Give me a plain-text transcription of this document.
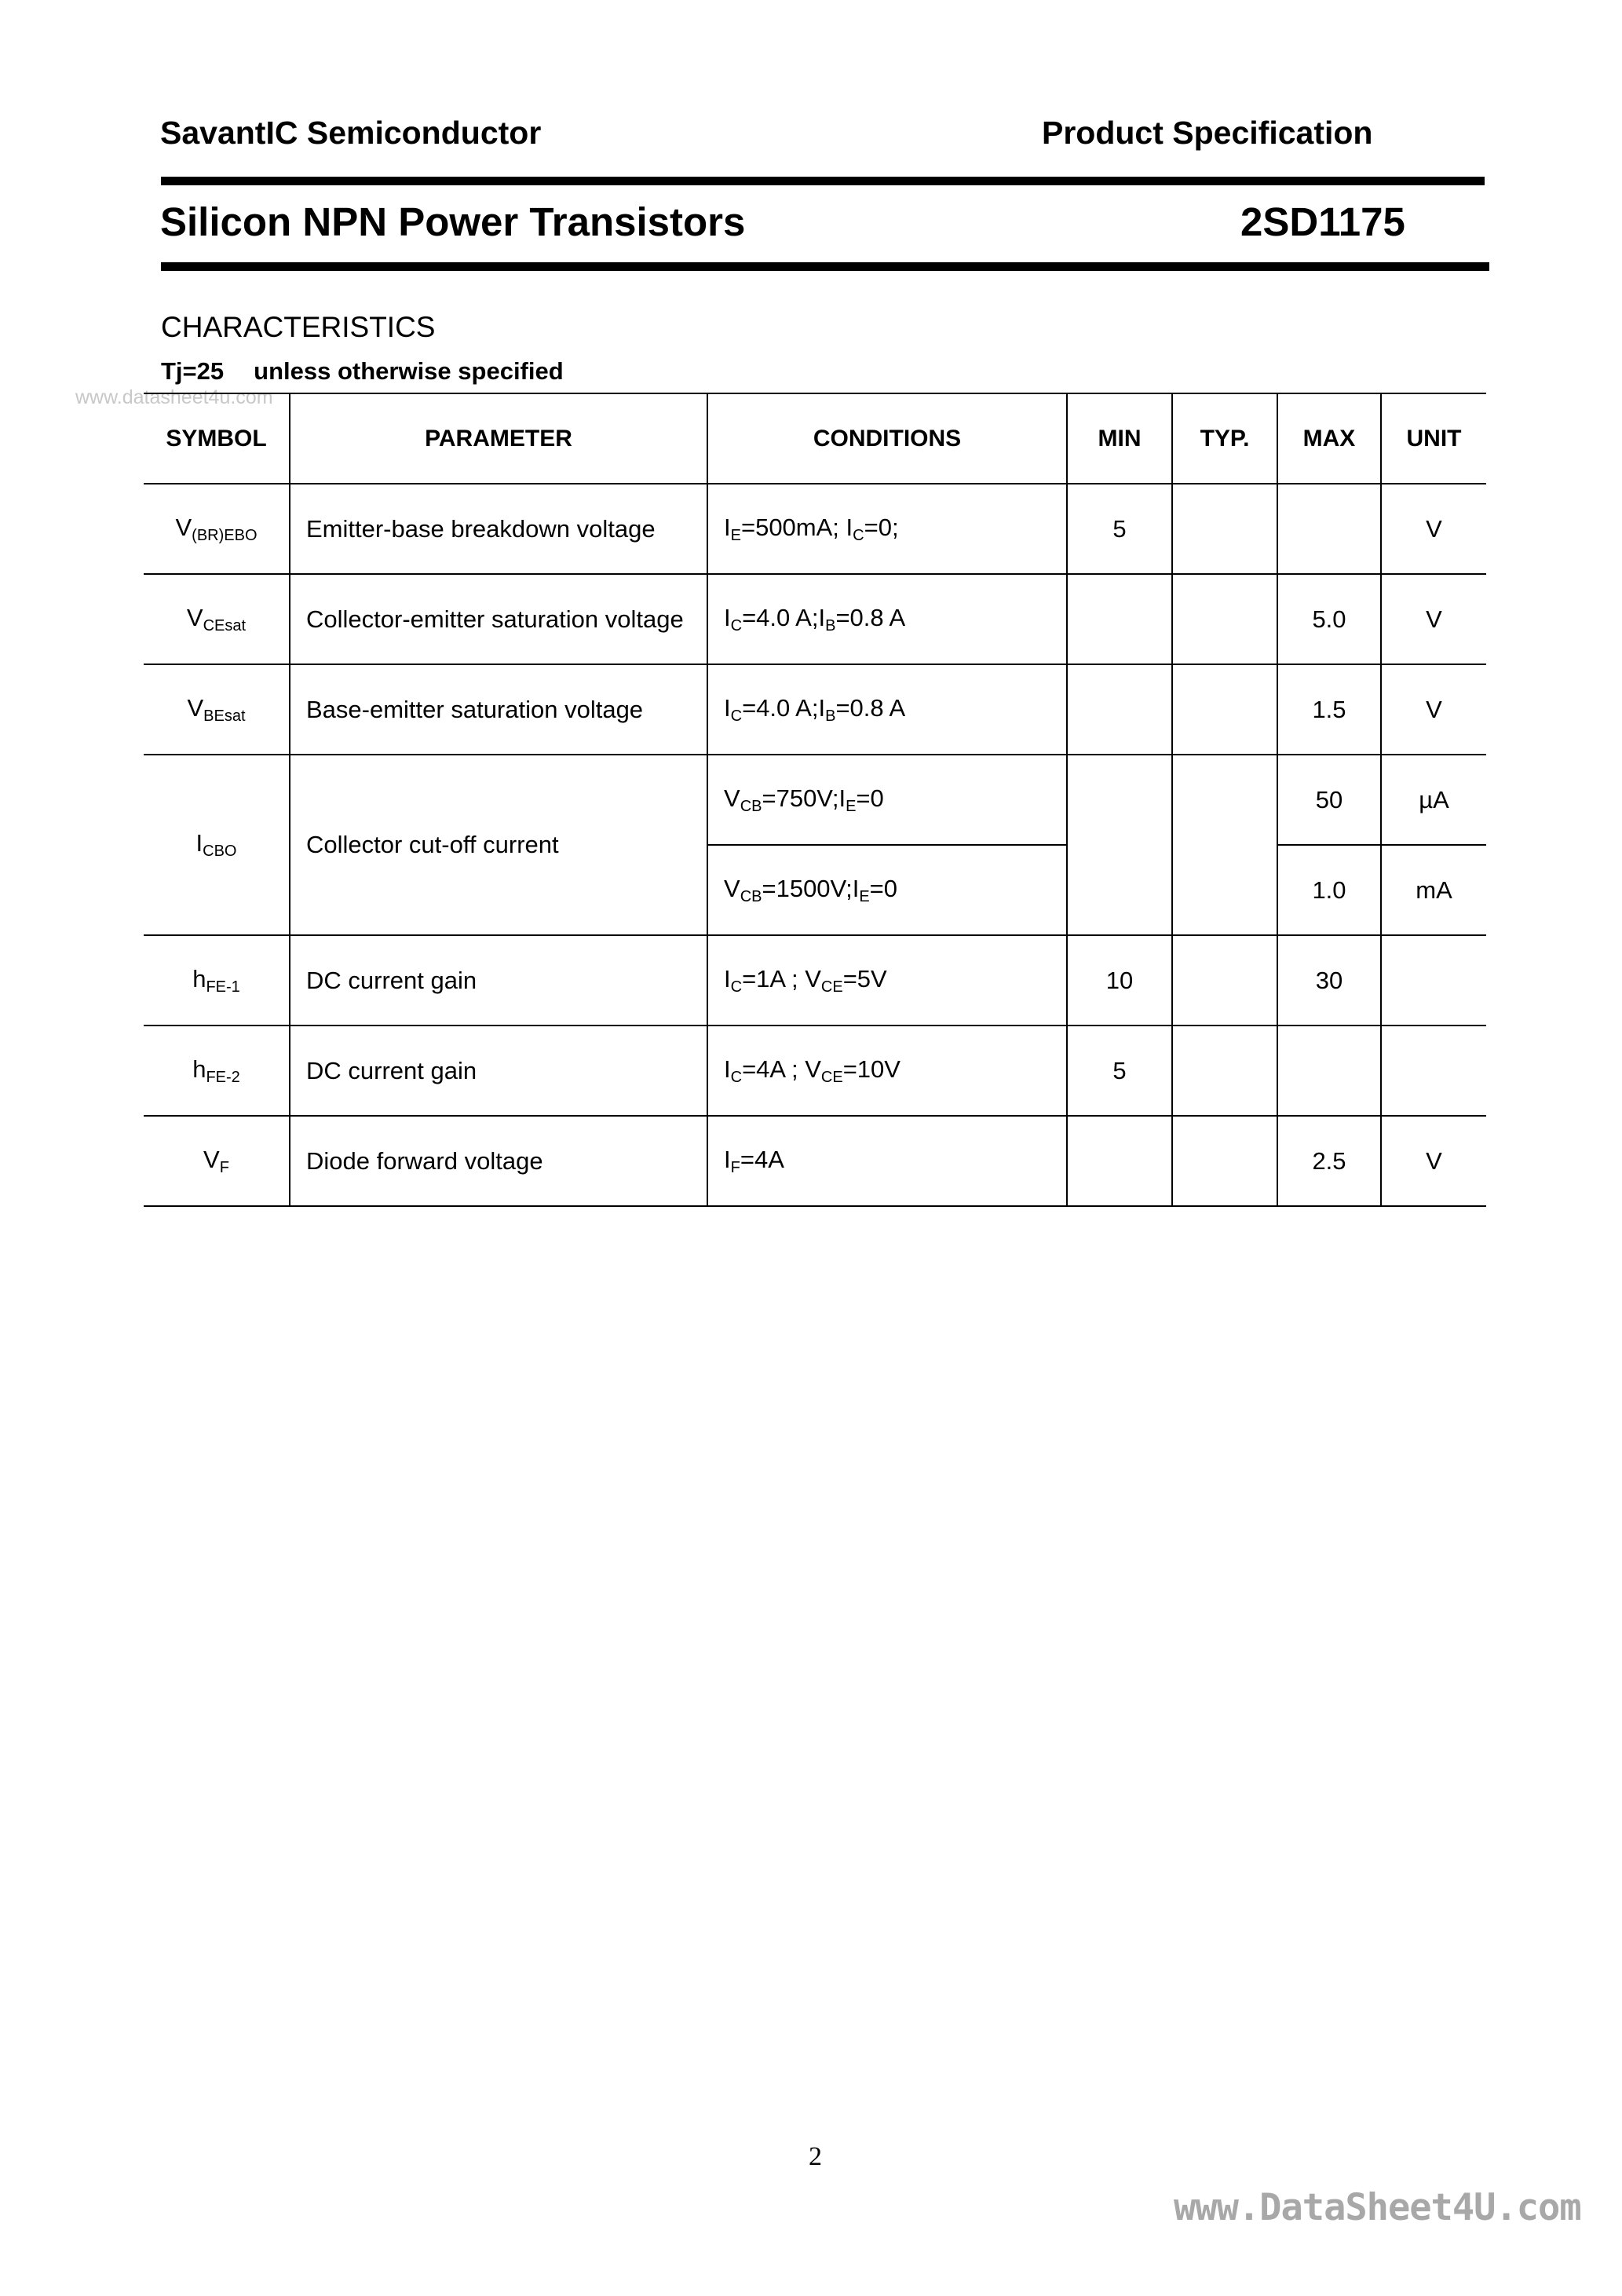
SavantIC Semiconductor	Product Specification
Silicon NPN Power Transistors	2SD1175
CHARACTERISTICS
Tj=25 unless otherwise specified
www.datasheet4u.com
SYMBOL	PARAMETER	CONDITIONS	MIN	TYP.	MAX	UNIT
$V_{(BR)EBO}$	Emitter-base breakdown voltage	$I_E=500mA$; $I_C=0$;	5			V
$V_{CEsat}$	Collector-emitter saturation voltage	$I_C=4.0$ $A;I_B=0.8$ A			5.0	V
$V_{BEsat}$	Base-emitter saturation voltage	$I_C=4.0$ $A;I_B=0.8$ A			1.5	V
$I_{CBO}$	Collector cut-off current	$V_{CB}=750V;I_E=0$			50	µA
		$V_{CB}=1500V;I_E=0$			1.0	mA
$h_{FE-1}$	DC current gain	$I_C=1A$ ; $V_{CE}=5V$	10		30	
$h_{FE-2}$	DC current gain	$I_C=4A$ ; $V_{CE}=10V$	5			
$V_F$	Diode forward voltage	$I_F=4A$			2.5	V
2
www.DataSheet4U.com
